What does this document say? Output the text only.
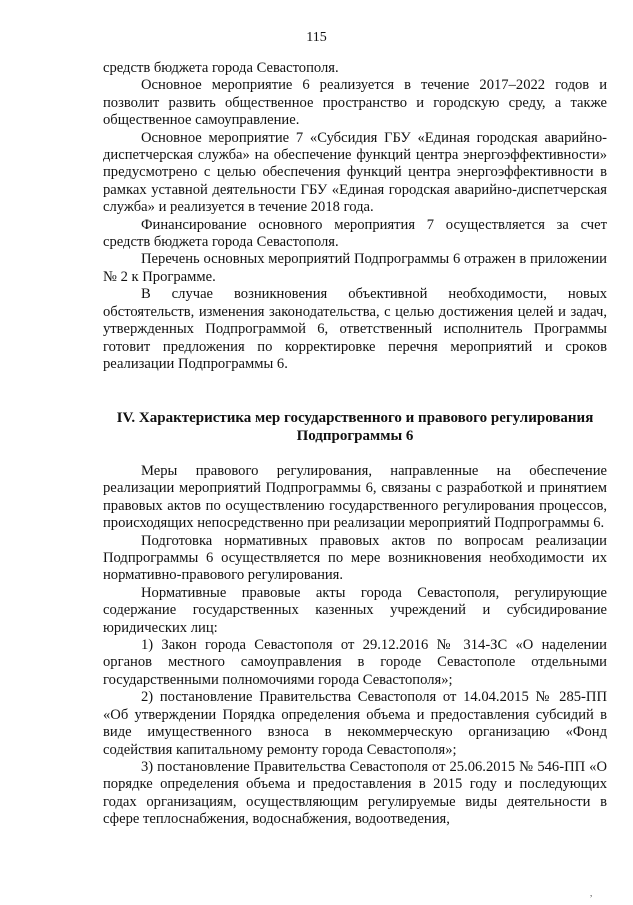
115

средств бюджета города Севастополя.

Основное мероприятие 6 реализуется в течение 2017–2022 годов и позволит развить общественное пространство и городскую среду, а также общественное самоуправление.

Основное мероприятие 7 «Субсидия ГБУ «Единая городская аварийно-диспетчерская служба» на обеспечение функций центра энергоэффективности» предусмотрено с целью обеспечения функций центра энергоэффективности в рамках уставной деятельности ГБУ «Единая городская аварийно-диспетчерская служба» и реализуется в течение 2018 года.

Финансирование основного мероприятия 7 осуществляется за счет средств бюджета города Севастополя.

Перечень основных мероприятий Подпрограммы 6 отражен в приложении № 2 к Программе.

В случае возникновения объективной необходимости, новых обстоятельств, изменения законодательства, с целью достижения целей и задач, утвержденных Подпрограммой 6, ответственный исполнитель Программы готовит предложения по корректировке перечня мероприятий и сроков реализации Подпрограммы 6.

IV. Характеристика мер государственного и правового регулирования
Подпрограммы 6

Меры правового регулирования, направленные на обеспечение реализации мероприятий Подпрограммы 6, связаны с разработкой и принятием правовых актов по осуществлению государственного регулирования процессов, происходящих непосредственно при реализации мероприятий Подпрограммы 6.

Подготовка нормативных правовых актов по вопросам реализации Подпрограммы 6 осуществляется по мере возникновения необходимости их нормативно-правового регулирования.

Нормативные правовые акты города Севастополя, регулирующие содержание государственных казенных учреждений и субсидирование юридических лиц:

1) Закон города Севастополя от 29.12.2016 № 314-ЗС «О наделении органов местного самоуправления в городе Севастополе отдельными государственными полномочиями города Севастополя»;

2) постановление Правительства Севастополя от 14.04.2015 № 285-ПП «Об утверждении Порядка определения объема и предоставления субсидий в виде имущественного взноса в некоммерческую организацию «Фонд содействия капитальному ремонту города Севастополя»;

3) постановление Правительства Севастополя от 25.06.2015 № 546-ПП «О порядке определения объема и предоставления в 2015 году и последующих годах организациям, осуществляющим регулируемые виды деятельности в сфере теплоснабжения, водоснабжения, водоотведения,

,
